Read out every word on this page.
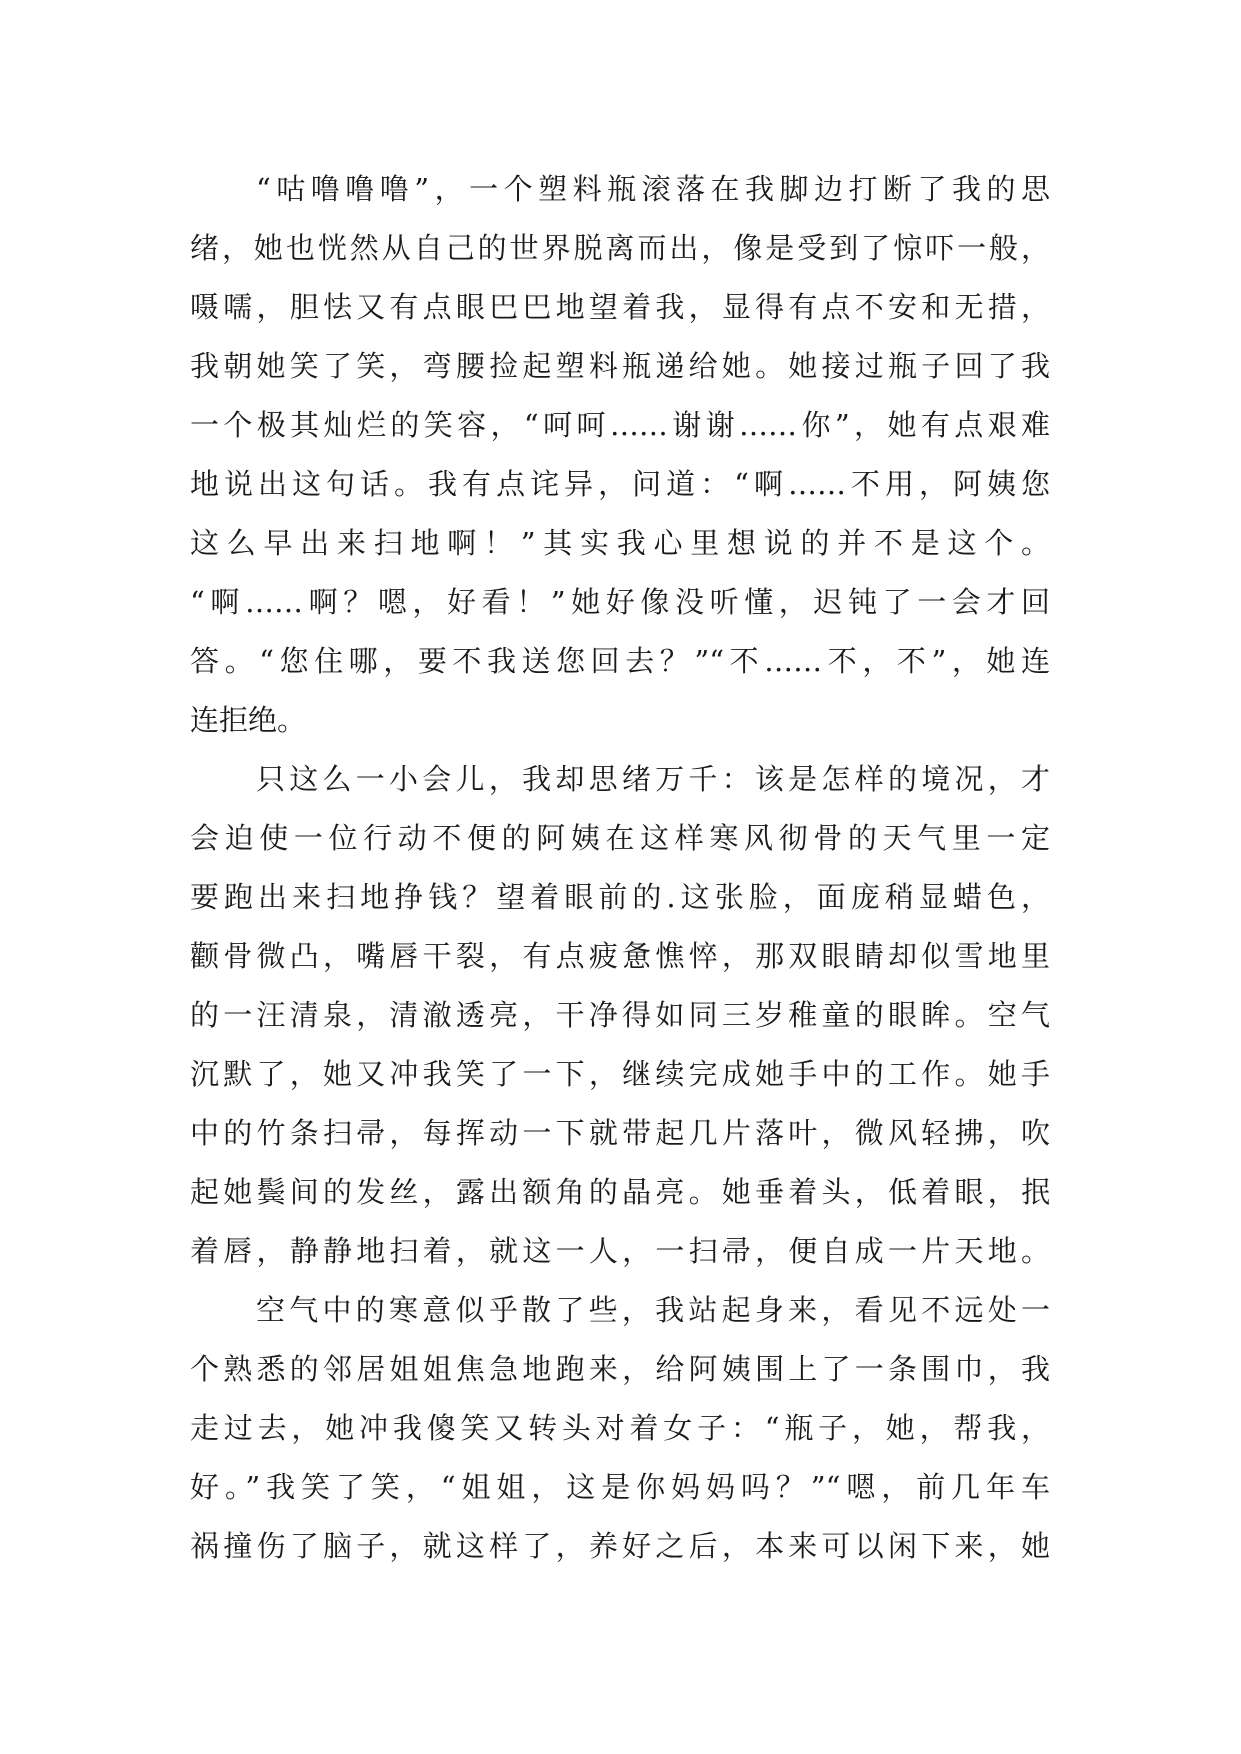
“咕噜噜噜”，一个塑料瓶滚落在我脚边打断了我的思
绪，她也恍然从自己的世界脱离而出，像是受到了惊吓一般，
嗫嚅，胆怯又有点眼巴巴地望着我，显得有点不安和无措，
我朝她笑了笑，弯腰捡起塑料瓶递给她。她接过瓶子回了我
一个极其灿烂的笑容，“呵呵……谢谢……你”，她有点艰难
地说出这句话。我有点诧异，问道：“啊……不用，阿姨您
这么早出来扫地啊！”其实我心里想说的并不是这个。
“啊……啊？嗯，好看！”她好像没听懂，迟钝了一会才回
答。“您住哪，要不我送您回去？”“不……不，不”，她连
连拒绝。
只这么一小会儿，我却思绪万千：该是怎样的境况，才
会迫使一位行动不便的阿姨在这样寒风彻骨的天气里一定
要跑出来扫地挣钱？望着眼前的.这张脸，面庞稍显蜡色，
颧骨微凸，嘴唇干裂，有点疲惫憔悴，那双眼睛却似雪地里
的一汪清泉，清澈透亮，干净得如同三岁稚童的眼眸。空气
沉默了，她又冲我笑了一下，继续完成她手中的工作。她手
中的竹条扫帚，每挥动一下就带起几片落叶，微风轻拂，吹
起她鬓间的发丝，露出额角的晶亮。她垂着头，低着眼，抿
着唇，静静地扫着，就这一人，一扫帚，便自成一片天地。
空气中的寒意似乎散了些，我站起身来，看见不远处一
个熟悉的邻居姐姐焦急地跑来，给阿姨围上了一条围巾，我
走过去，她冲我傻笑又转头对着女子：“瓶子，她，帮我，
好。”我笑了笑，“姐姐，这是你妈妈吗？”“嗯，前几年车
祸撞伤了脑子，就这样了，养好之后，本来可以闲下来，她
